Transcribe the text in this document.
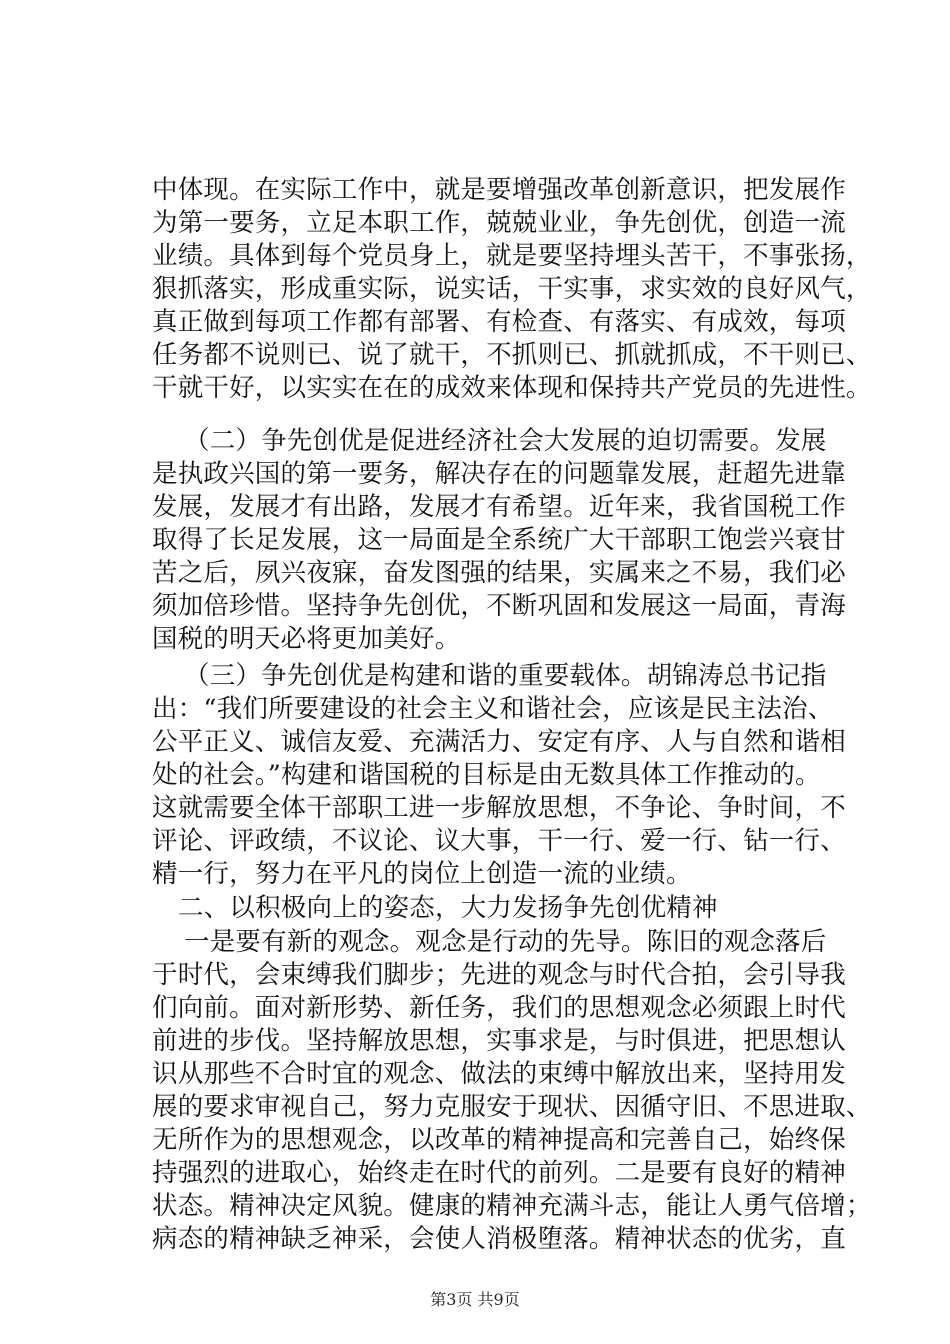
中体现。在实际工作中，就是要增强改革创新意识，把发展作
为第一要务，立足本职工作，兢兢业业，争先创优，创造一流
业绩。具体到每个党员身上，就是要坚持埋头苦干，不事张扬，
狠抓落实，形成重实际，说实话，干实事，求实效的良好风气，
真正做到每项工作都有部署、有检查、有落实、有成效，每项
任务都不说则已、说了就干，不抓则已、抓就抓成，不干则已、
干就干好，以实实在在的成效来体现和保持共产党员的先进性。
（二）争先创优是促进经济社会大发展的迫切需要。发展
是执政兴国的第一要务，解决存在的问题靠发展，赶超先进靠
发展，发展才有出路，发展才有希望。近年来，我省国税工作
取得了长足发展，这一局面是全系统广大干部职工饱尝兴衰甘
苦之后，夙兴夜寐，奋发图强的结果，实属来之不易，我们必
须加倍珍惜。坚持争先创优，不断巩固和发展这一局面，青海
国税的明天必将更加美好。
（三）争先创优是构建和谐的重要载体。胡锦涛总书记指
出：“我们所要建设的社会主义和谐社会，应该是民主法治、
公平正义、诚信友爱、充满活力、安定有序、人与自然和谐相
处的社会。”构建和谐国税的目标是由无数具体工作推动的。
这就需要全体干部职工进一步解放思想，不争论、争时间，不
评论、评政绩，不议论、议大事，干一行、爱一行、钻一行、
精一行，努力在平凡的岗位上创造一流的业绩。
二、以积极向上的姿态，大力发扬争先创优精神
一是要有新的观念。观念是行动的先导。陈旧的观念落后
于时代，会束缚我们脚步；先进的观念与时代合拍，会引导我
们向前。面对新形势、新任务，我们的思想观念必须跟上时代
前进的步伐。坚持解放思想，实事求是，与时俱进，把思想认
识从那些不合时宜的观念、做法的束缚中解放出来，坚持用发
展的要求审视自己，努力克服安于现状、因循守旧、不思进取、
无所作为的思想观念，以改革的精神提高和完善自己，始终保
持强烈的进取心，始终走在时代的前列。二是要有良好的精神
状态。精神决定风貌。健康的精神充满斗志，能让人勇气倍增；
病态的精神缺乏神采，会使人消极堕落。精神状态的优劣，直
第3页 共9页
